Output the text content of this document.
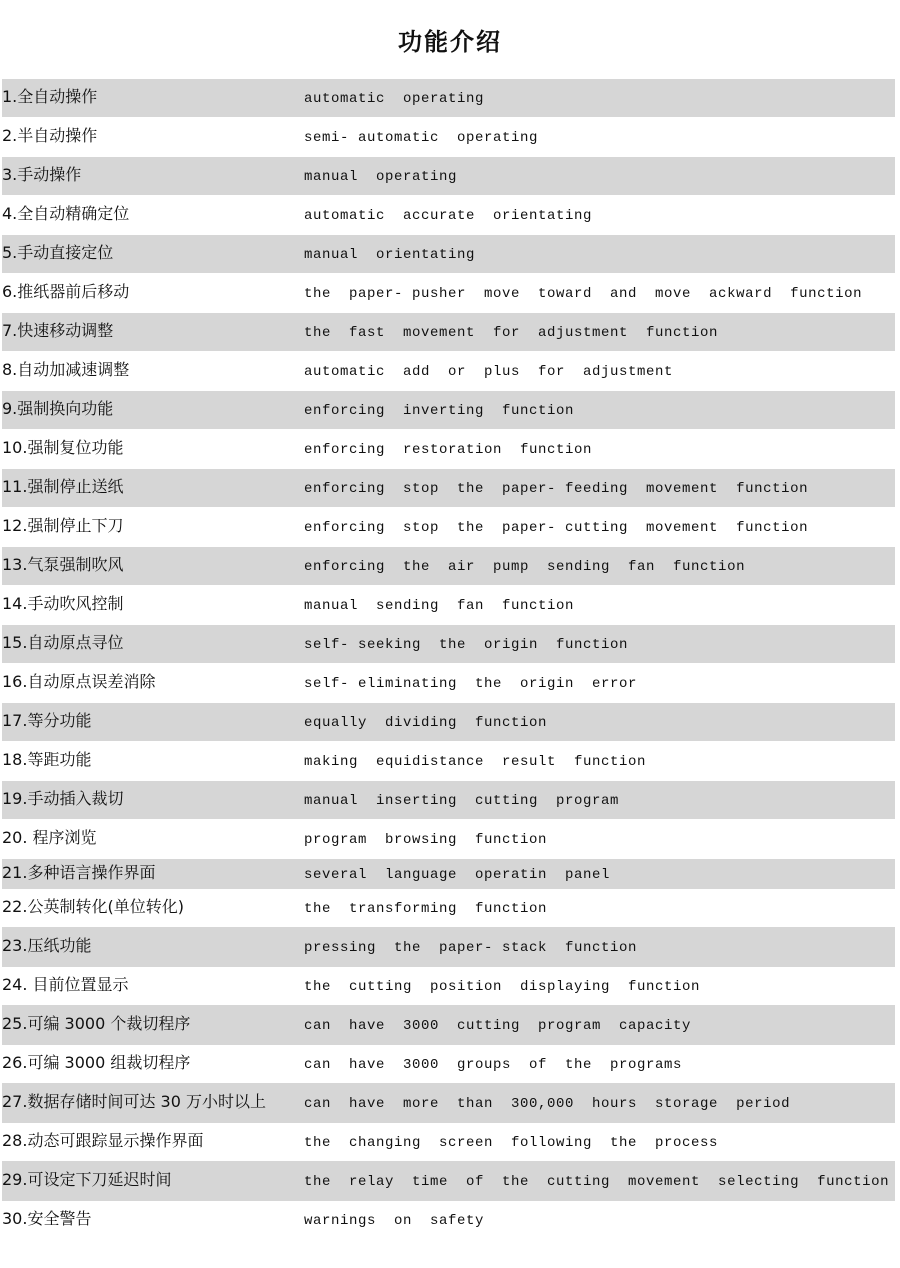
功能介绍
1.全自动操作	automatic  operating
2.半自动操作	semi- automatic  operating
3.手动操作	manual  operating
4.全自动精确定位	automatic  accurate  orientating
5.手动直接定位	manual  orientating
6.推纸器前后移动	the  paper- pusher  move  toward  and  move  ackward  function
7.快速移动调整	the  fast  movement  for  adjustment  function
8.自动加减速调整	automatic  add  or  plus  for  adjustment
9.强制换向功能	enforcing  inverting  function
10.强制复位功能	enforcing  restoration  function
11.强制停止送纸	enforcing  stop  the  paper- feeding  movement  function
12.强制停止下刀	enforcing  stop  the  paper- cutting  movement  function
13.气泵强制吹风	enforcing  the  air  pump  sending  fan  function
14.手动吹风控制	manual  sending  fan  function
15.自动原点寻位	self- seeking  the  origin  function
16.自动原点误差消除	self- eliminating  the  origin  error
17.等分功能	equally  dividing  function
18.等距功能	making  equidistance  result  function
19.手动插入裁切	manual  inserting  cutting  program
20. 程序浏览	program  browsing  function
21.多种语言操作界面	several  language  operatin  panel
22.公英制转化(单位转化)	the  transforming  function
23.压纸功能	pressing  the  paper- stack  function
24. 目前位置显示	the  cutting  position  displaying  function
25.可编 3000 个裁切程序	can  have  3000  cutting  program  capacity
26.可编 3000 组裁切程序	can  have  3000  groups  of  the  programs
27.数据存储时间可达 30 万小时以上	can  have  more  than  300,000  hours  storage  period
28.动态可跟踪显示操作界面	the  changing  screen  following  the  process
29.可设定下刀延迟时间	the  relay  time  of  the  cutting  movement  selecting  function
30.安全警告	warnings  on  safety
